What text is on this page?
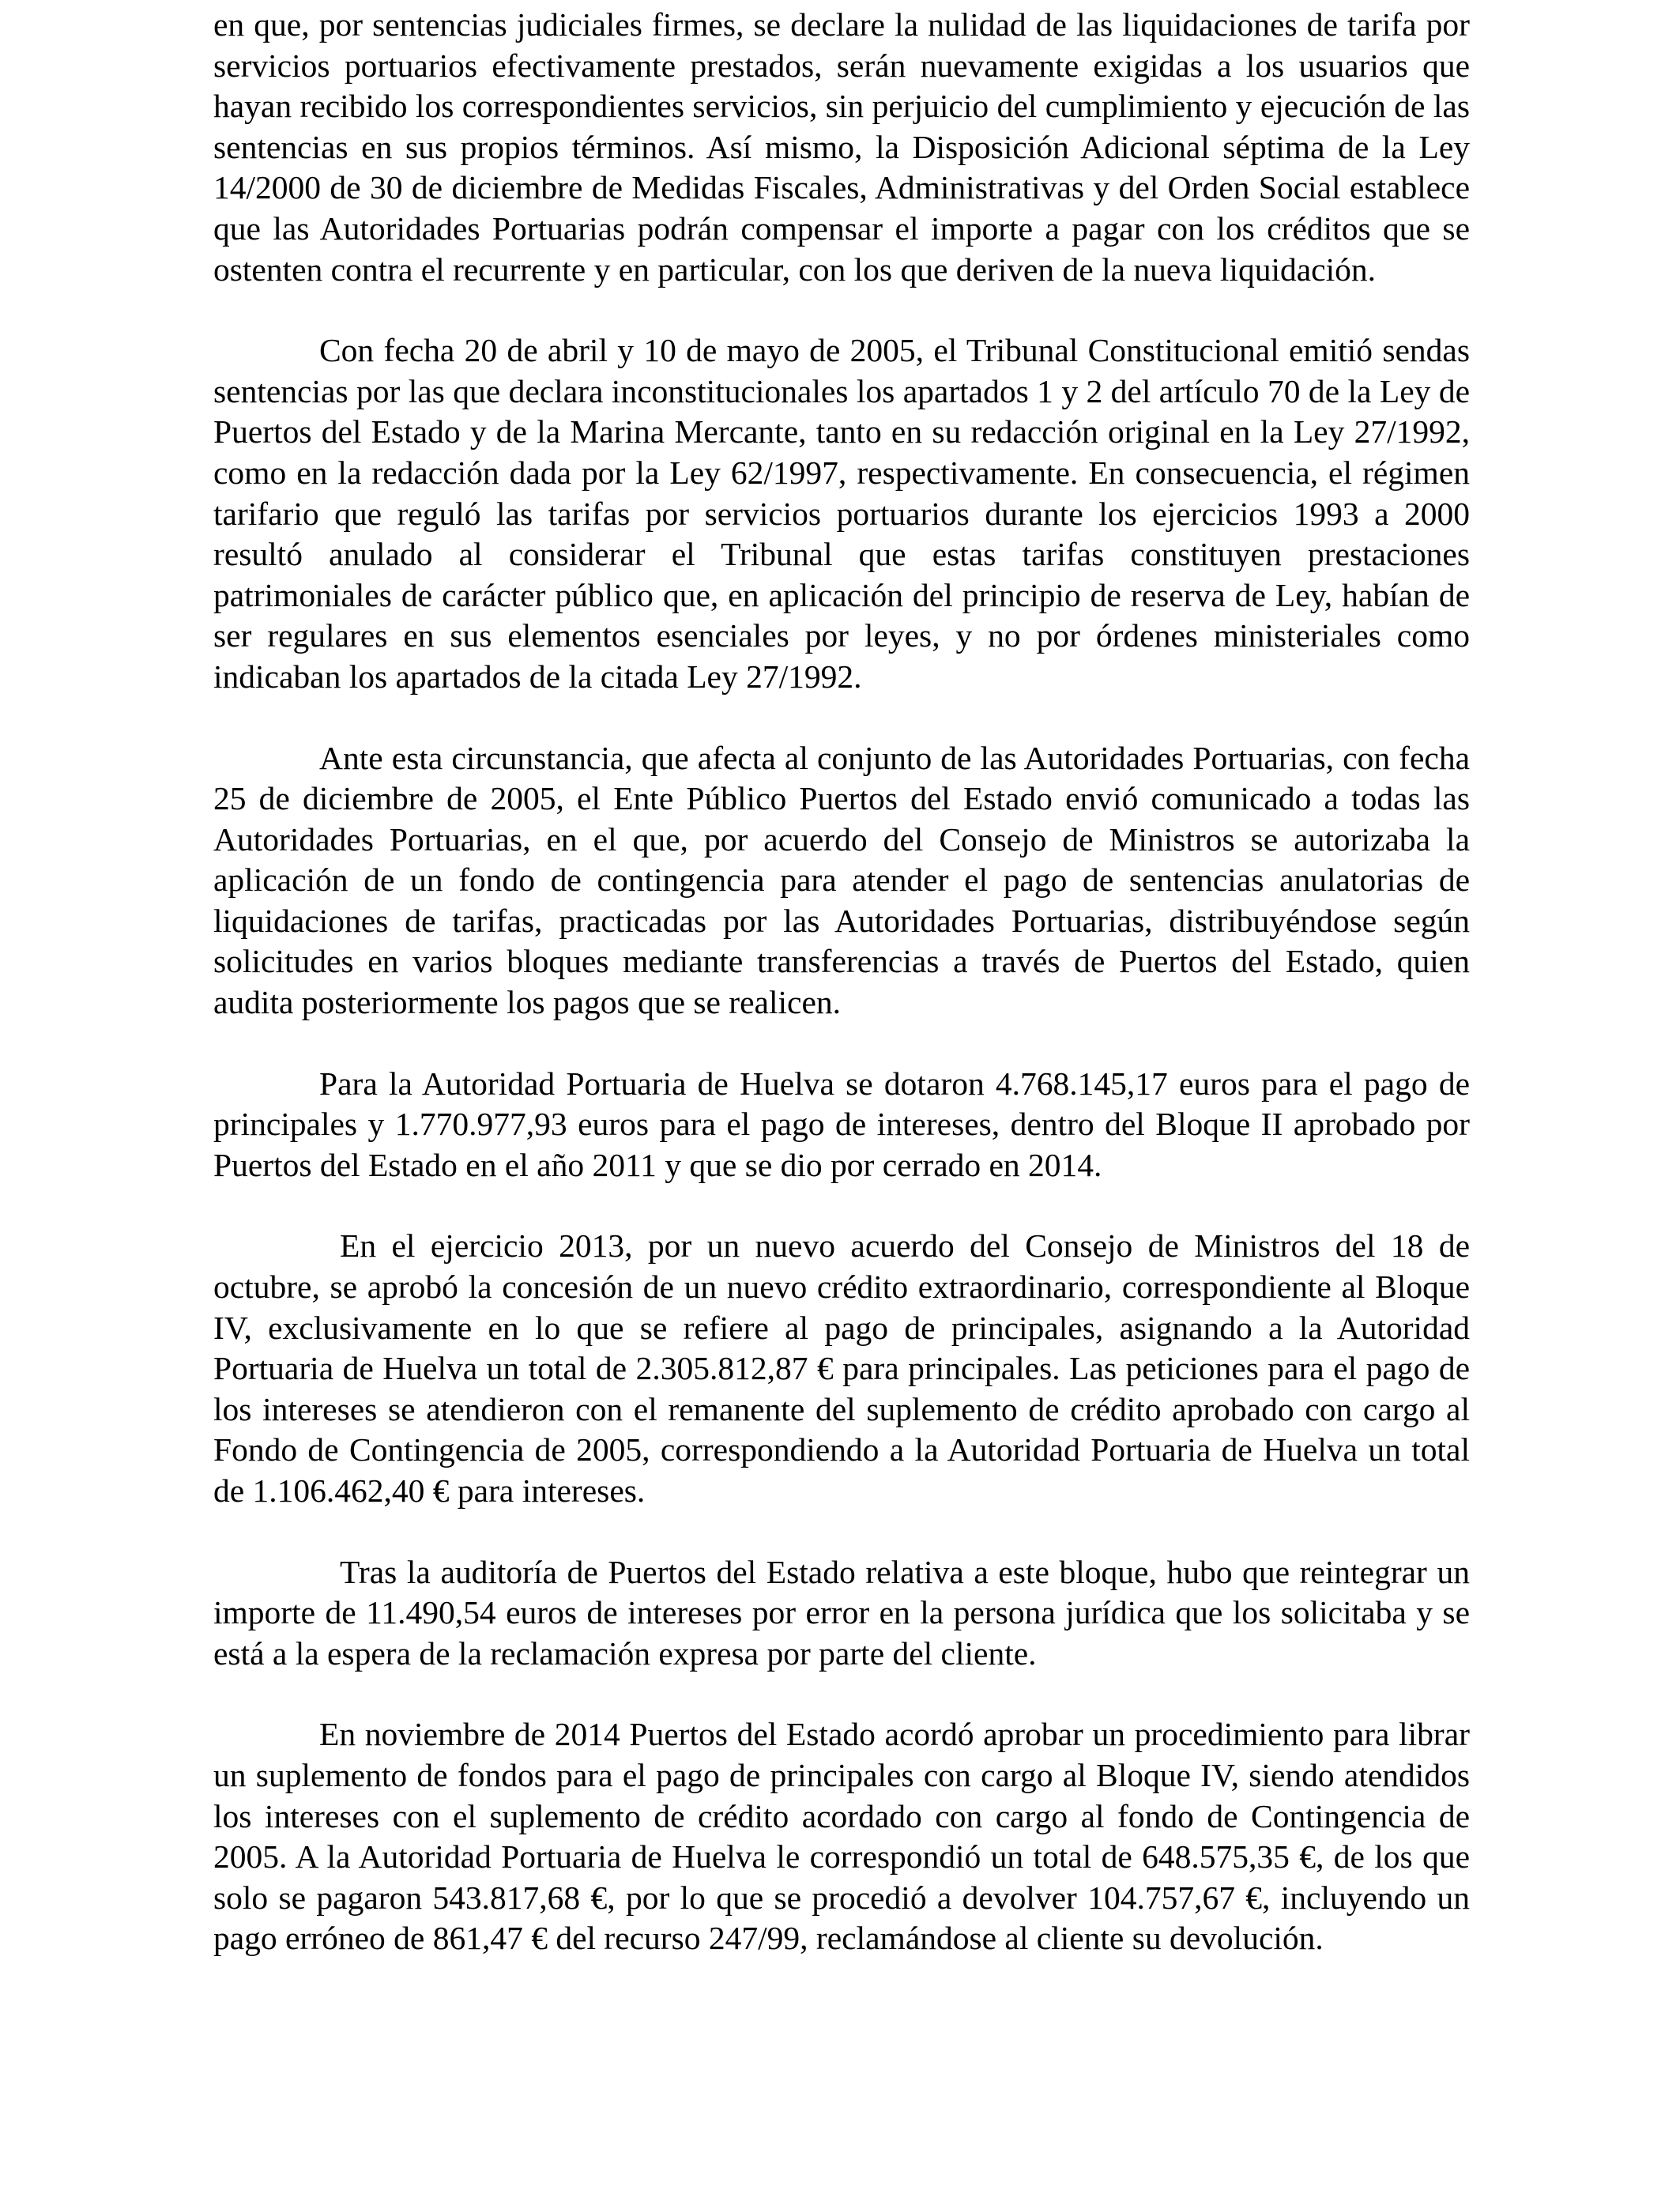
en que, por sentencias judiciales firmes, se declare la nulidad de las liquidaciones de tarifa por servicios portuarios efectivamente prestados, serán nuevamente exigidas a los usuarios que hayan recibido los correspondientes servicios, sin perjuicio del cumplimiento y ejecución de las sentencias en sus propios términos. Así mismo, la Disposición Adicional séptima de la Ley 14/2000 de 30 de diciembre de Medidas Fiscales, Administrativas y del Orden Social establece que las Autoridades Portuarias podrán compensar el importe a pagar con los créditos que se ostenten contra el recurrente y en particular, con los que deriven de la nueva liquidación.

Con fecha 20 de abril y 10 de mayo de 2005, el Tribunal Constitucional emitió sendas sentencias por las que declara inconstitucionales los apartados 1 y 2 del artículo 70 de la Ley de Puertos del Estado y de la Marina Mercante, tanto en su redacción original en la Ley 27/1992, como en la redacción dada por la Ley 62/1997, respectivamente. En consecuencia, el régimen tarifario que reguló las tarifas por servicios portuarios durante los ejercicios 1993 a 2000 resultó anulado al considerar el Tribunal que estas tarifas constituyen prestaciones patrimoniales de carácter público que, en aplicación del principio de reserva de Ley, habían de ser regulares en sus elementos esenciales por leyes, y no por órdenes ministeriales como indicaban los apartados de la citada Ley 27/1992.

Ante esta circunstancia, que afecta al conjunto de las Autoridades Portuarias, con fecha 25 de diciembre de 2005, el Ente Público Puertos del Estado envió comunicado a todas las Autoridades Portuarias, en el que, por acuerdo del Consejo de Ministros se autorizaba la aplicación de un fondo de contingencia para atender el pago de sentencias anulatorias de liquidaciones de tarifas, practicadas por las Autoridades Portuarias, distribuyéndose según solicitudes en varios bloques mediante transferencias a través de Puertos del Estado, quien audita posteriormente los pagos que se realicen.

Para la Autoridad Portuaria de Huelva se dotaron 4.768.145,17 euros para el pago de principales y 1.770.977,93 euros para el pago de intereses, dentro del Bloque II aprobado por Puertos del Estado en el año 2011 y que se dio por cerrado en 2014.

En el ejercicio 2013, por un nuevo acuerdo del Consejo de Ministros del 18 de octubre, se aprobó la concesión de un nuevo crédito extraordinario, correspondiente al Bloque IV, exclusivamente en lo que se refiere al pago de principales, asignando a la Autoridad Portuaria de Huelva un total de 2.305.812,87 € para principales. Las peticiones para el pago de los intereses se atendieron con el remanente del suplemento de crédito aprobado con cargo al Fondo de Contingencia de 2005, correspondiendo a la Autoridad Portuaria de Huelva un total de 1.106.462,40 € para intereses.

Tras la auditoría de Puertos del Estado relativa a este bloque, hubo que reintegrar un importe de 11.490,54 euros de intereses por error en la persona jurídica que los solicitaba y se está a la espera de la reclamación expresa por parte del cliente.

En noviembre de 2014 Puertos del Estado acordó aprobar un procedimiento para librar un suplemento de fondos para el pago de principales con cargo al Bloque IV, siendo atendidos los intereses con el suplemento de crédito acordado con cargo al fondo de Contingencia de 2005. A la Autoridad Portuaria de Huelva le correspondió un total de 648.575,35 €, de los que solo se pagaron 543.817,68 €, por lo que se procedió a devolver 104.757,67 €, incluyendo un pago erróneo de 861,47 € del recurso 247/99, reclamándose al cliente su devolución.
